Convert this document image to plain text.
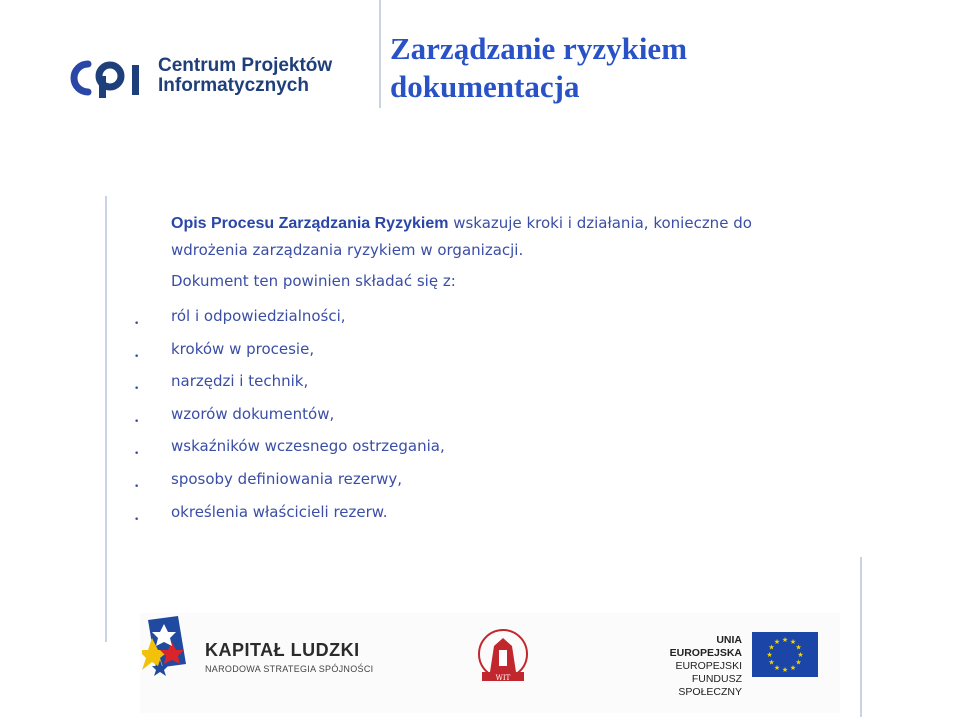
Centrum Projektów
Informatycznych
Zarządzanie ryzykiem
dokumentacja

Opis Procesu Zarządzania Ryzykiem wskazuje kroki i działania, konieczne do
wdrożenia zarządzania ryzykiem w organizacji.

Dokument ten powinien składać się z:
• ról i odpowiedzialności,
• kroków w procesie,
• narzędzi i technik,
• wzorów dokumentów,
• wskaźników wczesnego ostrzegania,
• sposoby definiowania rezerwy,
• określenia właścicieli rezerw.
KAPITAŁ LUDZKI
NARODOWA STRATEGIA SPÓJNOŚCI
WIT
UNIA EUROPEJSKA
EUROPEJSKI
FUNDUSZ SPOŁECZNY
★ ★
★
★
★
★
★
★
★
★
★
★
